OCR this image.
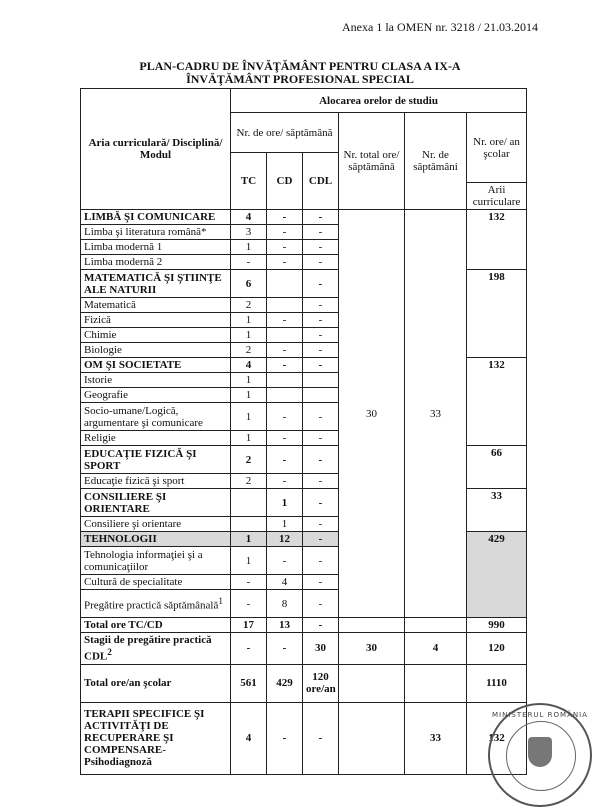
Anexa 1 la OMEN nr. 3218 / 21.03.2014
PLAN-CADRU DE ÎNVĂŢĂMÂNT PENTRU CLASA A IX-A
ÎNVĂŢĂMÂNT PROFESIONAL SPECIAL
Aria curriculară/ Disciplină/ Modul	Alocarea orelor de studiu					
	Nr. de ore/ săptămână			Nr. total ore/ săptămână	Nr. de săptămâni	Nr. ore/ an şcolar
	TC	CD	CDL			
						Arii curriculare
LIMBĂ ŞI COMUNICARE	4	-	-	30	33	132
Limba şi literatura română*	3	-	-			
Limba modernă 1	1	-	-			
Limba modernă 2	-	-	-			
MATEMATICĂ ŞI ŞTIINŢE ALE NATURII	6		-			198
Matematică	2		-			
Fizică	1	-	-			
Chimie	1		-			
Biologie	2	-	-			
OM ŞI SOCIETATE	4	-	-			132
Istorie	1					
Geografie	1					
Socio-umane/Logică, argumentare şi comunicare	1	-	-			
Religie	1	-	-			
EDUCAŢIE FIZICĂ ŞI SPORT	2	-	-			66
Educaţie fizică şi sport	2	-	-			
CONSILIERE ŞI ORIENTARE		1	-			33
Consiliere şi orientare		1	-			
TEHNOLOGII	1	12	-			429
Tehnologia informaţiei şi a comunicaţiilor	1	-	-			
Cultură de specialitate	-	4	-			
Pregătire practică săptămânală$^1$	-	8	-			
Total ore TC/CD	17	13	-			990
Stagii de pregătire practică CDL$^2$	-	-	30	30	4	120
Total ore/an şcolar	561	429	120 ore/an			1110
TERAPII SPECIFICE ŞI ACTIVITĂŢI DE RECUPERARE ŞI COMPENSARE- Psihodiagnoză	4	-	-		33	132
MINISTERUL ROMÂNIA
